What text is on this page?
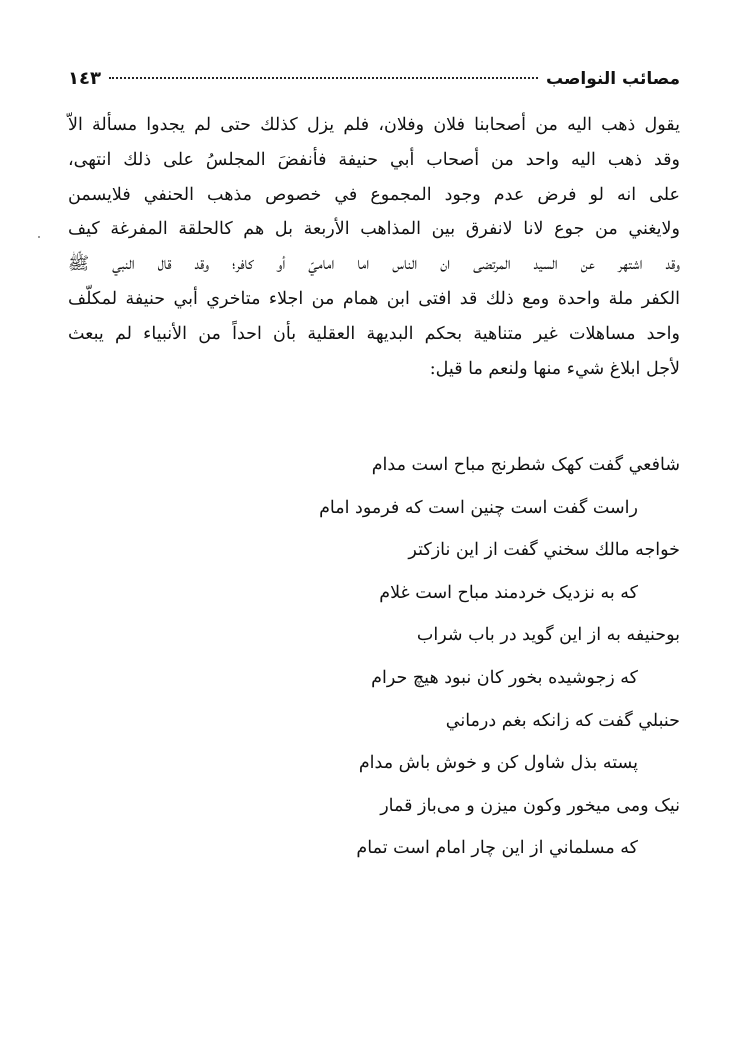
مصائب النواصب
١٤٣
يقول ذهب اليه من أصحابنا فلان وفلان، فلم يزل كذلك حتى لم يجدوا مسألة الاّ
وقد ذهب اليه واحد من أصحاب أبي حنيفة فأنفضَ المجلسُ على ذلك انتهى،
على انه لو فرض عدم وجود المجموع في خصوص مذهب الحنفي فلايسمن
ولايغني من جوع لانا لانفرق بين المذاهب الأربعة بل هم كالحلقة المفرغة كيف
وقد اشتهر عن السيد المرتضى ان الناس اما اماميّ أو كافر؛ وقد قال النبي ﷺ
الكفر ملة واحدة ومع ذلك قد افتى ابن همام من اجلاء متاخري أبي حنيفة لمكلّف
واحد مساهلات غير متناهية بحكم البديهة العقلية بأن احداً من الأنبياء لم يبعث
لأجل ابلاغ شيء منها ولنعم ما قيل:
شافعي گفت کهک شطرنج مباح است مدام
راست گفت است چنين است که فرمود امام
خواجه مالك سخني گفت از اين نازكتر
که به نزديک خردمند مباح است غلام
بوحنيفه به از اين گويد در باب شراب
که زجوشيده بخور کان نبود هيچ حرام
حنبلي گفت که زانکه بغم درماني
پسته بذل شاول کن و خوش باش مدام
نيک ومی میخور وکون ميزن و می‌باز قمار
که مسلماني از اين چار امام است تمام
